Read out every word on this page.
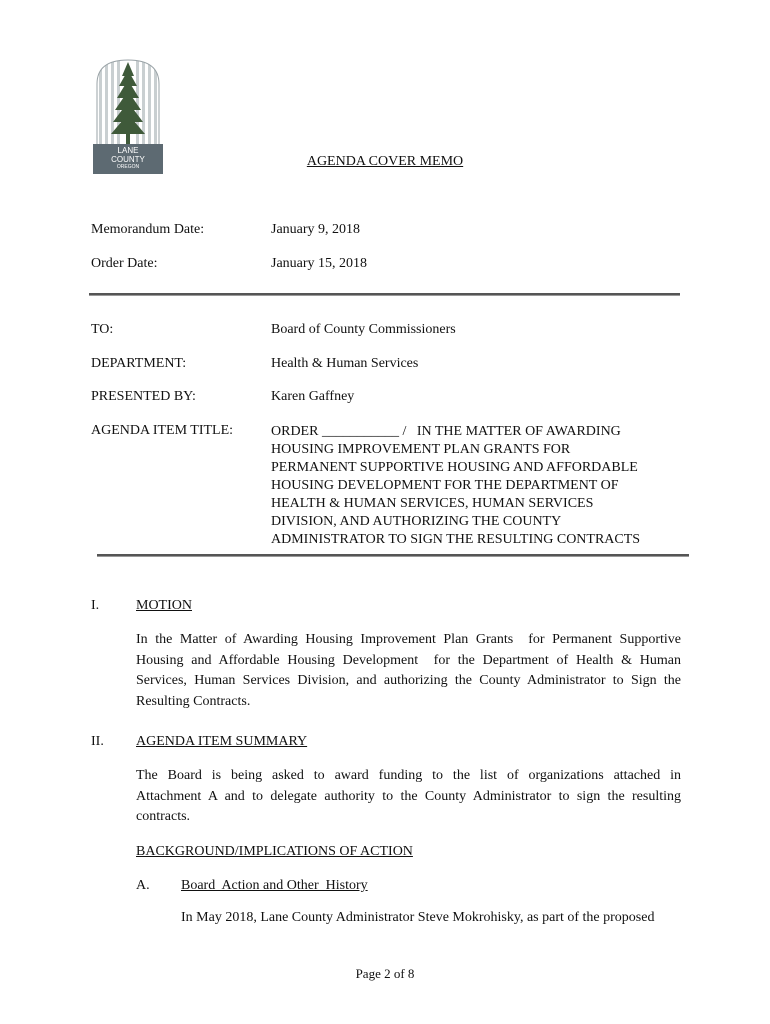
LANE
COUNTY
OREGON	AGENDA COVER MEMO
Memorandum Date:	January 9, 2018
Order Date:	January 15, 2018
TO:	Board of County Commissioners
DEPARTMENT:	Health & Human Services
PRESENTED BY:	Karen Gaffney
AGENDA ITEM TITLE:	ORDER ___________ /   IN THE MATTER OF AWARDING
HOUSING IMPROVEMENT PLAN GRANTS FOR
PERMANENT SUPPORTIVE HOUSING AND AFFORDABLE
HOUSING DEVELOPMENT FOR THE DEPARTMENT OF
HEALTH & HUMAN SERVICES, HUMAN SERVICES
DIVISION, AND AUTHORIZING THE COUNTY
ADMINISTRATOR TO SIGN THE RESULTING CONTRACTS
I.	MOTION
In the Matter of Awarding Housing Improvement Plan Grants  for Permanent Supportive
Housing and Affordable Housing Development  for the Department of Health & Human
Services, Human Services Division, and authorizing the County Administrator to Sign the
Resulting Contracts.
II. AGENDA ITEM SUMMARY
The Board is being asked to award funding to the list of organizations attached in
Attachment A and to delegate authority to the County Administrator to sign the resulting
contracts.
BACKGROUND/IMPLICATIONS OF ACTION
A. Board  Action and Other  History
In May 2018, Lane County Administrator Steve Mokrohisky, as part of the proposed
Page 2 of 8
